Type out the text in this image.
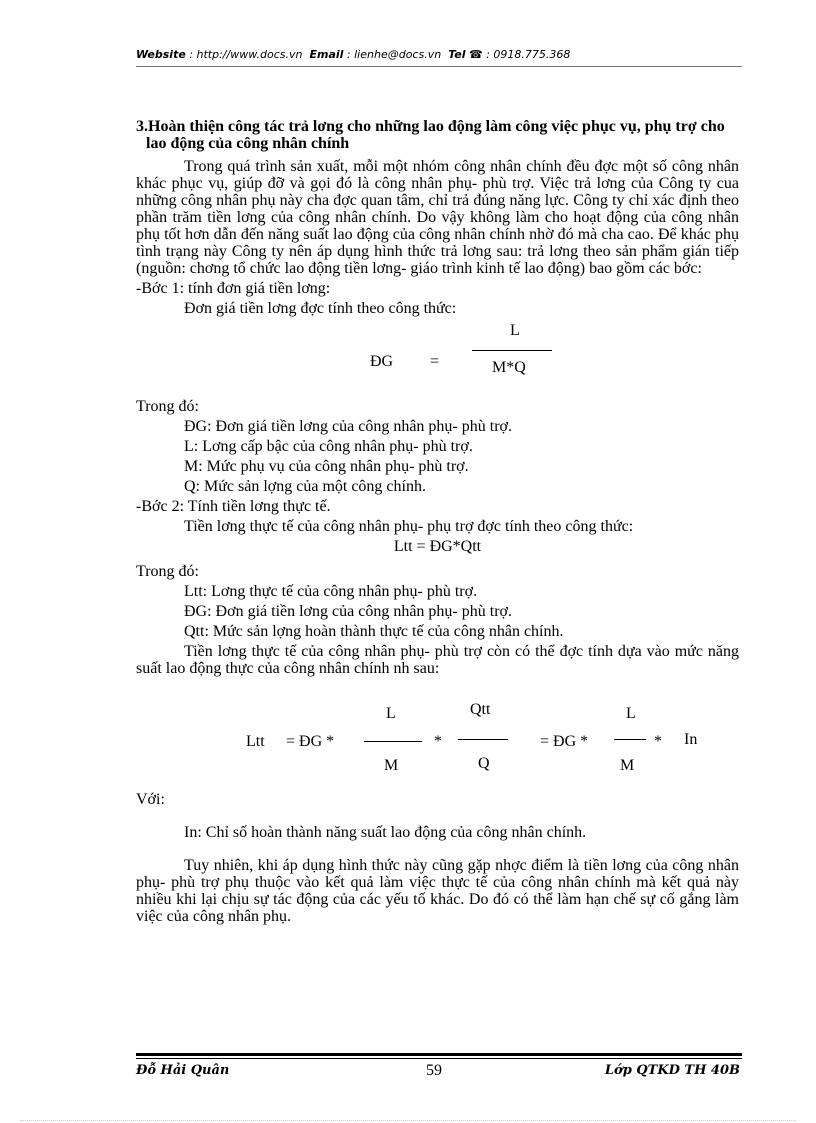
Website : http://www.docs.vn Email : lienhe@docs.vn Tel ☎ : 0918.775.368

3.Hoàn thiện công tác trả lơng cho những lao động làm công việc phục vụ, phụ trợ cho lao động của công nhân chính

Trong quá trình sản xuất, mỗi một nhóm công nhân chính đều đợc một số công nhân khác phục vụ, giúp đỡ và gọi đó là công nhân phụ- phù trợ. Việc trả lơng của Công ty cua những công nhân phụ này cha đợc quan tâm, chỉ trả đúng năng lực. Công ty chỉ xác định theo phần trăm tiền lơng của công nhân chính. Do vậy không làm cho hoạt động của công nhân phụ tốt hơn dẫn đến năng suất lao động của công nhân chính nhờ đó mà cha cao. Để khác phụ tình trạng này Công ty nên áp dụng hình thức trả lơng sau: trả lơng theo sản phẩm gián tiếp (nguồn: chơng tổ chức lao động tiền lơng- giáo trình kinh tế lao động) bao gồm các bớc:

-Bớc 1: tính đơn giá tiền lơng:

Đơn giá tiền lơng đợc tính theo công thức:

ĐG =
L
M*Q

Trong đó:

ĐG: Đơn giá tiền lơng của công nhân phụ- phù trợ.

L: Lơng cấp bậc của công nhân phụ- phù trợ.

M: Mức phụ vụ của công nhân phụ- phù trợ.

Q: Mức sản lợng của một công chính.

-Bớc 2: Tính tiền lơng thực tế.

Tiền lơng thực tế của công nhân phụ- phụ trợ đợc tính theo công thức:

Ltt = ĐG*Qtt

Trong đó:

Ltt: Lơng thực tế của công nhân phụ- phù trợ.

ĐG: Đơn giá tiền lơng của công nhân phụ- phù trợ.

Qtt: Mức sản lợng hoàn thành thực tế của công nhân chính.

Tiền lơng thực tế của công nhân phụ- phù trợ còn có thể đợc tính dựa vào mức năng suất lao động thực của công nhân chính nh sau:

Ltt = ĐG *
L
M
*
Qtt
Q
= ĐG *
L
M
* In

Với:

In: Chỉ số hoàn thành năng suất lao động của công nhân chính.

Tuy nhiên, khi áp dụng hình thức này cũng gặp nhợc điểm là tiền lơng của công nhân phụ- phù trợ phụ thuộc vào kết quả làm việc thực tế của công nhân chính mà kết quả này nhiều khi lại chịu sự tác động của các yếu tố khác. Do đó có thể làm hạn chế sự cố gắng làm việc của công nhân phụ.

Đỗ Hải Quân	59	Lớp QTKD TH 40B
